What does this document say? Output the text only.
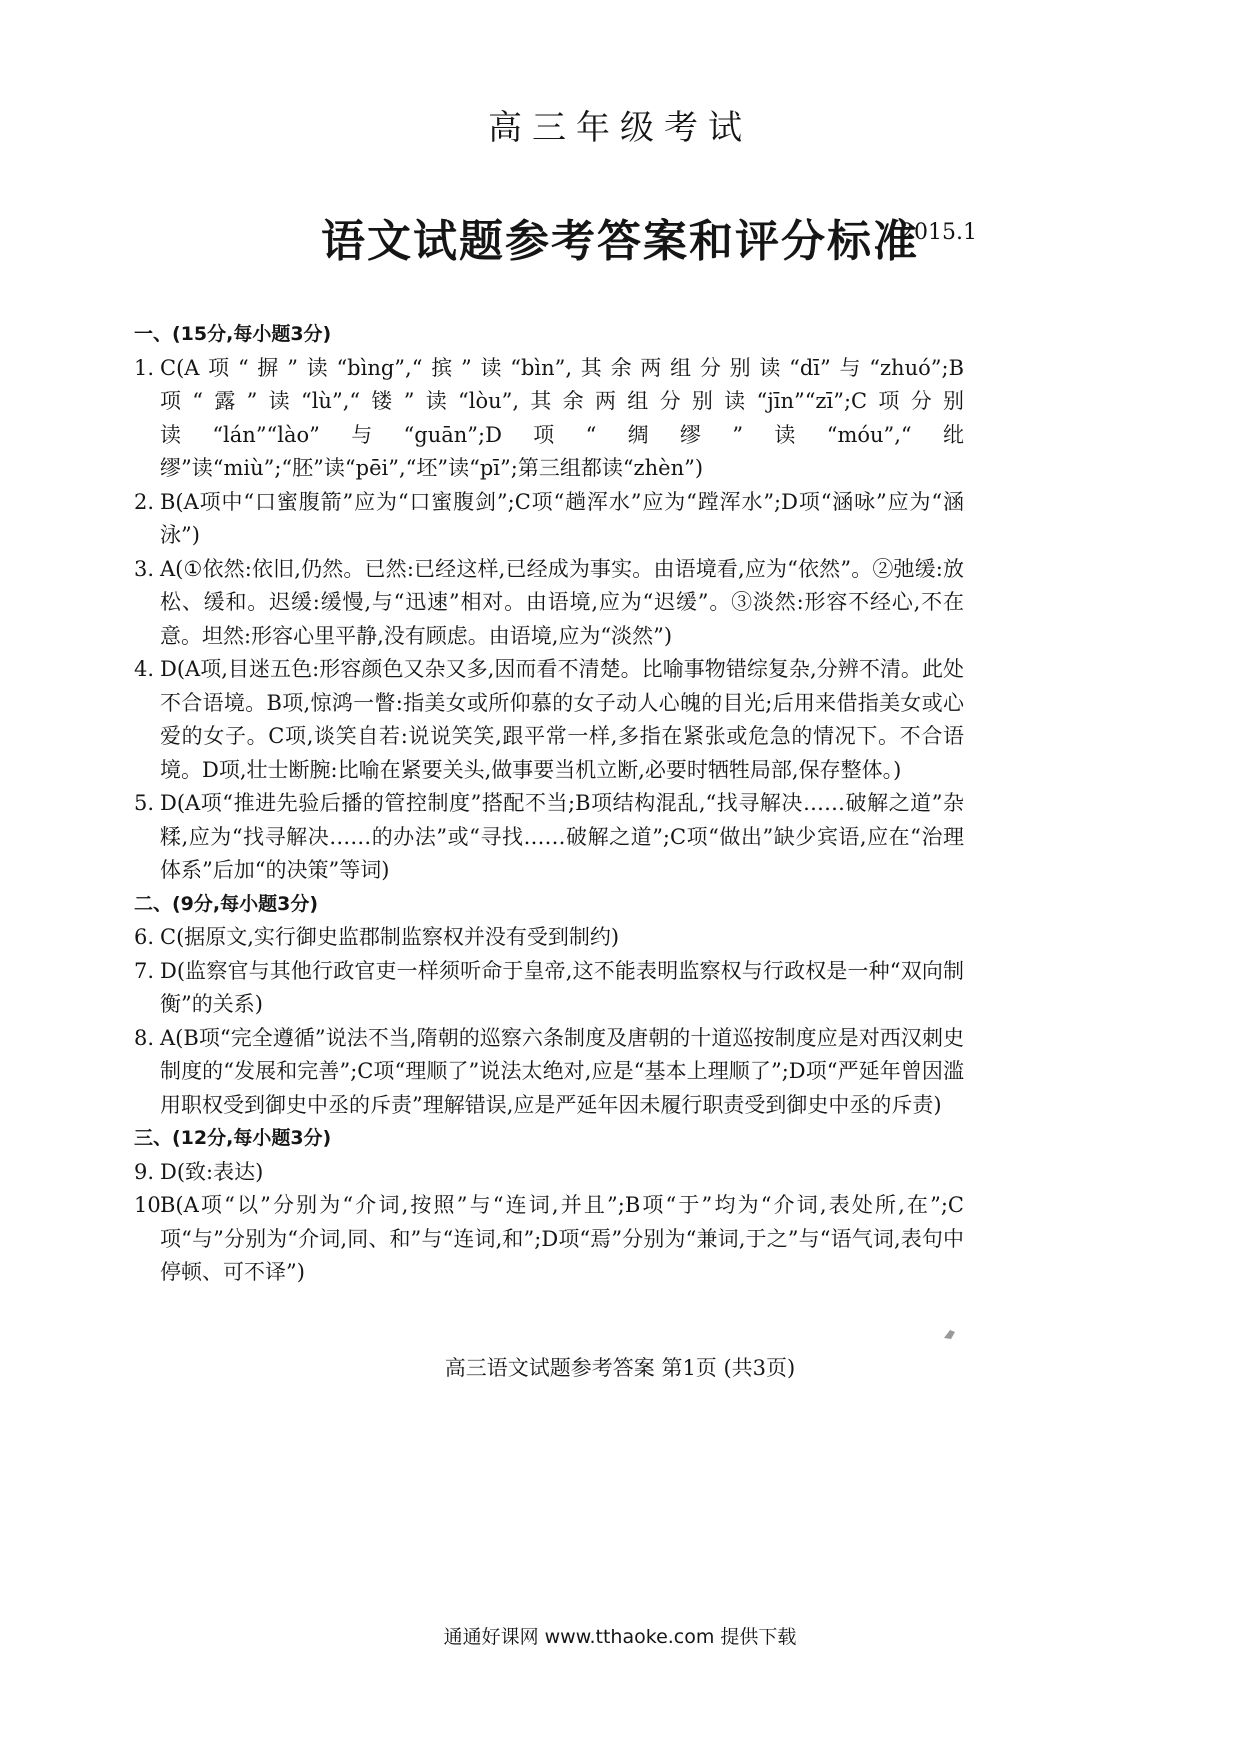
高三年级考试
语文试题参考答案和评分标准
2015.1

一、(15分,每小题3分)

1. C(A项“摒”读“bìng”,“摈”读“bìn”,其余两组分别读“dī”与“zhuó”;B项“露”读“lù”,“镂”读“lòu”,其余两组分别读“jīn”“zī”;C项分别读“lán”“lào”与“guān”;D项“绸缪”读“móu”,“纰缪”读“miù”;“胚”读“pēi”,“坯”读“pī”;第三组都读“zhèn”)

2. B(A项中“口蜜腹箭”应为“口蜜腹剑”;C项“趟浑水”应为“蹚浑水”;D项“涵咏”应为“涵泳”)

3. A(①依然:依旧,仍然。已然:已经这样,已经成为事实。由语境看,应为“依然”。②弛缓:放松、缓和。迟缓:缓慢,与“迅速”相对。由语境,应为“迟缓”。③淡然:形容不经心,不在意。坦然:形容心里平静,没有顾虑。由语境,应为“淡然”)

4. D(A项,目迷五色:形容颜色又杂又多,因而看不清楚。比喻事物错综复杂,分辨不清。此处不合语境。B项,惊鸿一瞥:指美女或所仰慕的女子动人心魄的目光;后用来借指美女或心爱的女子。C项,谈笑自若:说说笑笑,跟平常一样,多指在紧张或危急的情况下。不合语境。D项,壮士断腕:比喻在紧要关头,做事要当机立断,必要时牺牲局部,保存整体。)

5. D(A项“推进先验后播的管控制度”搭配不当;B项结构混乱,“找寻解决……破解之道”杂糅,应为“找寻解决……的办法”或“寻找……破解之道”;C项“做出”缺少宾语,应在“治理体系”后加“的决策”等词)

二、(9分,每小题3分)

6. C(据原文,实行御史监郡制监察权并没有受到制约)

7. D(监察官与其他行政官吏一样须听命于皇帝,这不能表明监察权与行政权是一种“双向制衡”的关系)

8. A(B项“完全遵循”说法不当,隋朝的巡察六条制度及唐朝的十道巡按制度应是对西汉刺史制度的“发展和完善”;C项“理顺了”说法太绝对,应是“基本上理顺了”;D项“严延年曾因滥用职权受到御史中丞的斥责”理解错误,应是严延年因未履行职责受到御史中丞的斥责)

三、(12分,每小题3分)

9. D(致:表达)

10.
B(A项“以”分别为“介词,按照”与“连词,并且”;B项“于”均为“介词,表处所,在”;C项“与”分别为“介词,同、和”与“连词,和”;D项“焉”分别为“兼词,于之”与“语气词,表句中停顿、可不译”)

高三语文试题参考答案 第1页 (共3页)
通通好课网 www.tthaoke.com 提供下载
